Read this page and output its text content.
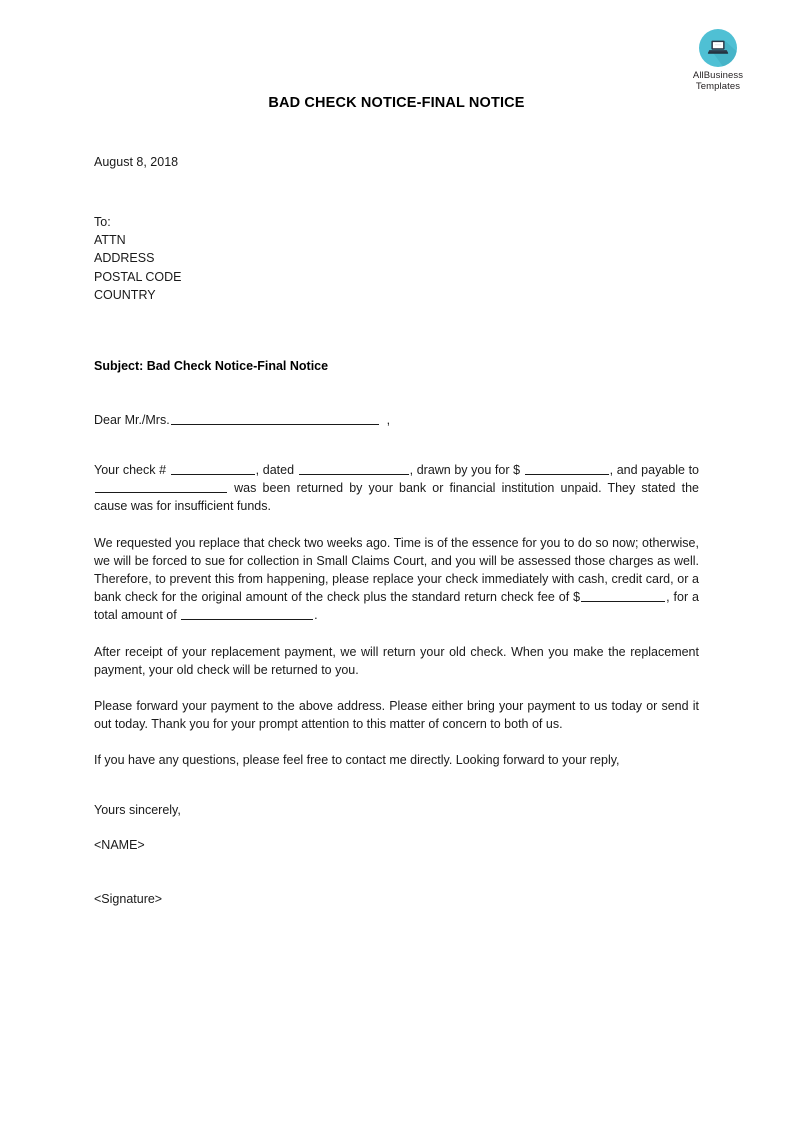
AllBusiness
Templates
BAD CHECK NOTICE-FINAL NOTICE
August 8, 2018
To:
ATTN
ADDRESS
POSTAL CODE
COUNTRY
Subject: Bad Check Notice-Final Notice
Dear Mr./Mrs.	,

Your check #	, dated	, drawn by you for $	, and payable to  was been returned by your bank or financial institution unpaid. They stated the cause was for insufficient funds.

We requested you replace that check two weeks ago. Time is of the essence for you to do so now; otherwise, we will be forced to sue for collection in Small Claims Court, and you will be assessed those charges as well. Therefore, to prevent this from happening, please replace your check immediately with cash, credit card, or a bank check for the original amount of the check plus the standard return check fee of $	, for a total amount of	.

After receipt of your replacement payment, we will return your old check. When you make the replacement payment, your old check will be returned to you.

Please forward your payment to the above address. Please either bring your payment to us today or send it out today. Thank you for your prompt attention to this matter of concern to both of us.

If you have any questions, please feel free to contact me directly. Looking forward to your reply,

Yours sincerely,
<NAME>
<Signature>
